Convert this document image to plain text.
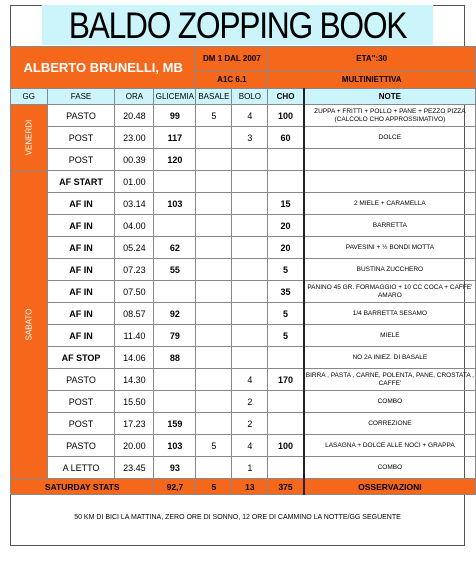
BALDO ZOPPING BOOK
ALBERTO BRUNELLI, MB				DM 1 DAL 2007		ETA":30	
				A1C 6.1		MULTINIETTIVA	
GG	FASE	ORA	GLICEMIA	BASALE	BOLO	CHO	NOTE
VENERDI	PASTO	20.48	99	5	4	100	ZUPPA + FRITTI + POLLO + PANE + PEZZO PIZZA (CALCOLO CHO APPROSSIMATIVO)
	POST	23.00	117		3	60	DOLCE
	POST	00.39	120				
SABATO	AF START	01.00					
	AF IN	03.14	103			15	2 MIELE + CARAMELLA
	AF IN	04.00				20	BARRETTA
	AF IN	05.24	62			20	PAVESINI + ½ BONDI MOTTA
	AF IN	07.23	55			5	BUSTINA ZUCCHERO
	AF IN	07.50				35	PANINO 45 GR. FORMAGGIO + 10 CC COCA + CAFFE' AMARO
	AF IN	08.57	92			5	1/4 BARRETTA SESAMO
	AF IN	11.40	79			5	MIELE
	AF STOP	14.06	88				NO 2A INIEZ. DI BASALE
	PASTO	14.30			4	170	BIRRA , PASTA , CARNE, POLENTA, PANE, CROSTATA , CAFFE'
	POST	15.50			2		COMBO
	POST	17.23	159		2		CORREZIONE
	PASTO	20.00	103	5	4	100	LASAGNA + DOLCE ALLE NOCI + GRAPPA
	A LETTO	23.45	93		1		COMBO
SATURDAY STATS			92,7	5	13	375	OSSERVAZIONI
50 KM DI BICI LA MATTINA, ZERO ORE DI SONNO, 12 ORE DI CAMMINO LA NOTTE/GG SEGUENTE
